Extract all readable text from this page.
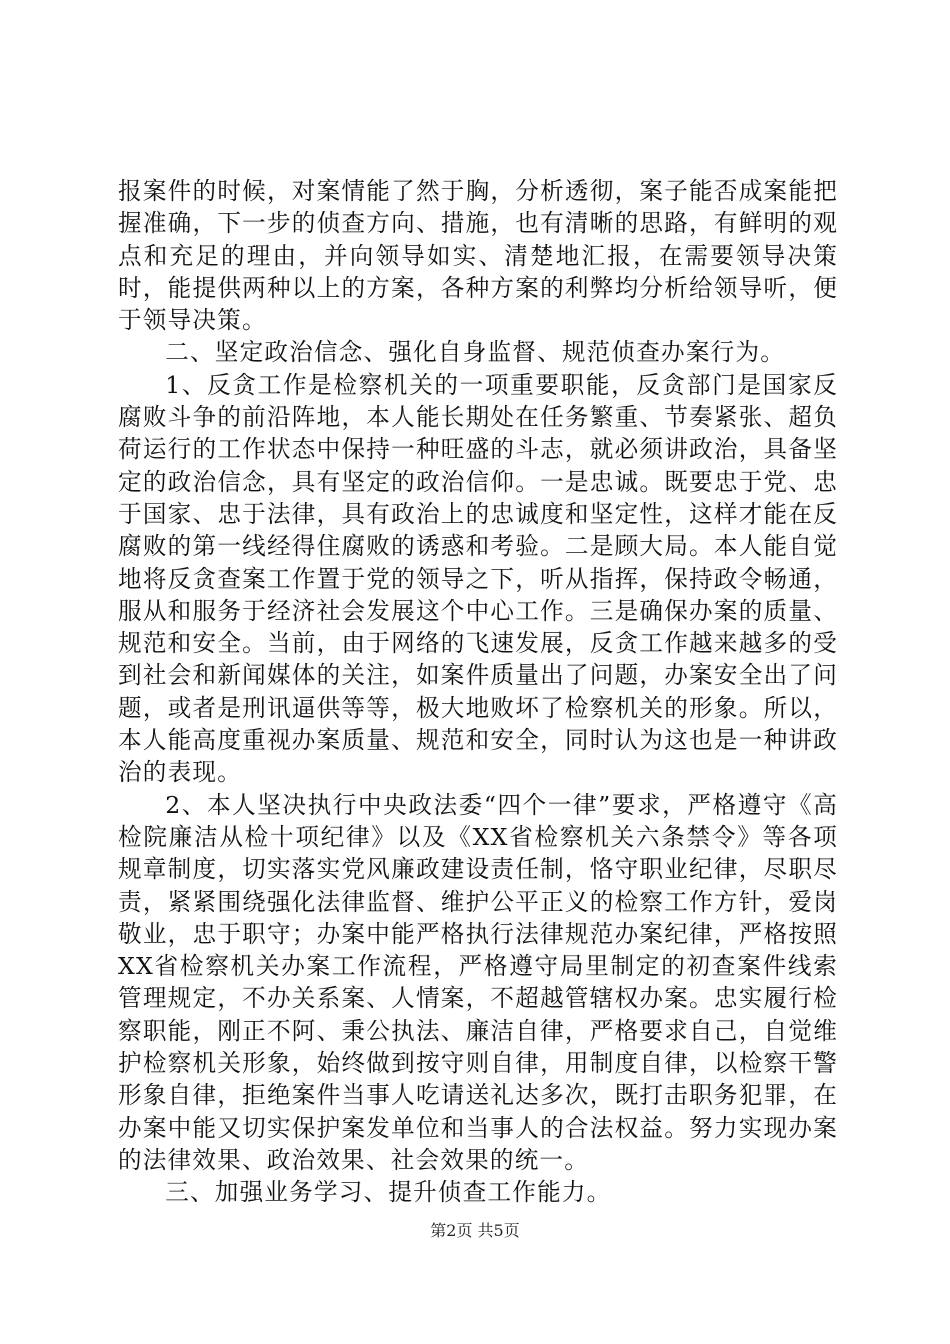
报案件的时候，对案情能了然于胸，分析透彻，案子能否成案能把握准确，下一步的侦查方向、措施，也有清晰的思路，有鲜明的观点和充足的理由，并向领导如实、清楚地汇报，在需要领导决策时，能提供两种以上的方案，各种方案的利弊均分析给领导听，便于领导决策。

二、坚定政治信念、强化自身监督、规范侦查办案行为。

1、反贪工作是检察机关的一项重要职能，反贪部门是国家反腐败斗争的前沿阵地，本人能长期处在任务繁重、节奏紧张、超负荷运行的工作状态中保持一种旺盛的斗志，就必须讲政治，具备坚定的政治信念，具有坚定的政治信仰。一是忠诚。既要忠于党、忠于国家、忠于法律，具有政治上的忠诚度和坚定性，这样才能在反腐败的第一线经得住腐败的诱惑和考验。二是顾大局。本人能自觉地将反贪查案工作置于党的领导之下，听从指挥，保持政令畅通，服从和服务于经济社会发展这个中心工作。三是确保办案的质量、规范和安全。当前，由于网络的飞速发展，反贪工作越来越多的受到社会和新闻媒体的关注，如案件质量出了问题，办案安全出了问题，或者是刑讯逼供等等，极大地败坏了检察机关的形象。所以，本人能高度重视办案质量、规范和安全，同时认为这也是一种讲政治的表现。

2、本人坚决执行中央政法委“四个一律”要求，严格遵守《高检院廉洁从检十项纪律》以及《XX省检察机关六条禁令》等各项规章制度，切实落实党风廉政建设责任制，恪守职业纪律，尽职尽责，紧紧围绕强化法律监督、维护公平正义的检察工作方针，爱岗敬业，忠于职守；办案中能严格执行法律规范办案纪律，严格按照XX省检察机关办案工作流程，严格遵守局里制定的初查案件线索管理规定，不办关系案、人情案，不超越管辖权办案。忠实履行检察职能，刚正不阿、秉公执法、廉洁自律，严格要求自己，自觉维护检察机关形象，始终做到按守则自律，用制度自律，以检察干警形象自律，拒绝案件当事人吃请送礼达多次，既打击职务犯罪，在办案中能又切实保护案发单位和当事人的合法权益。努力实现办案的法律效果、政治效果、社会效果的统一。

三、加强业务学习、提升侦查工作能力。

第2页 共5页
